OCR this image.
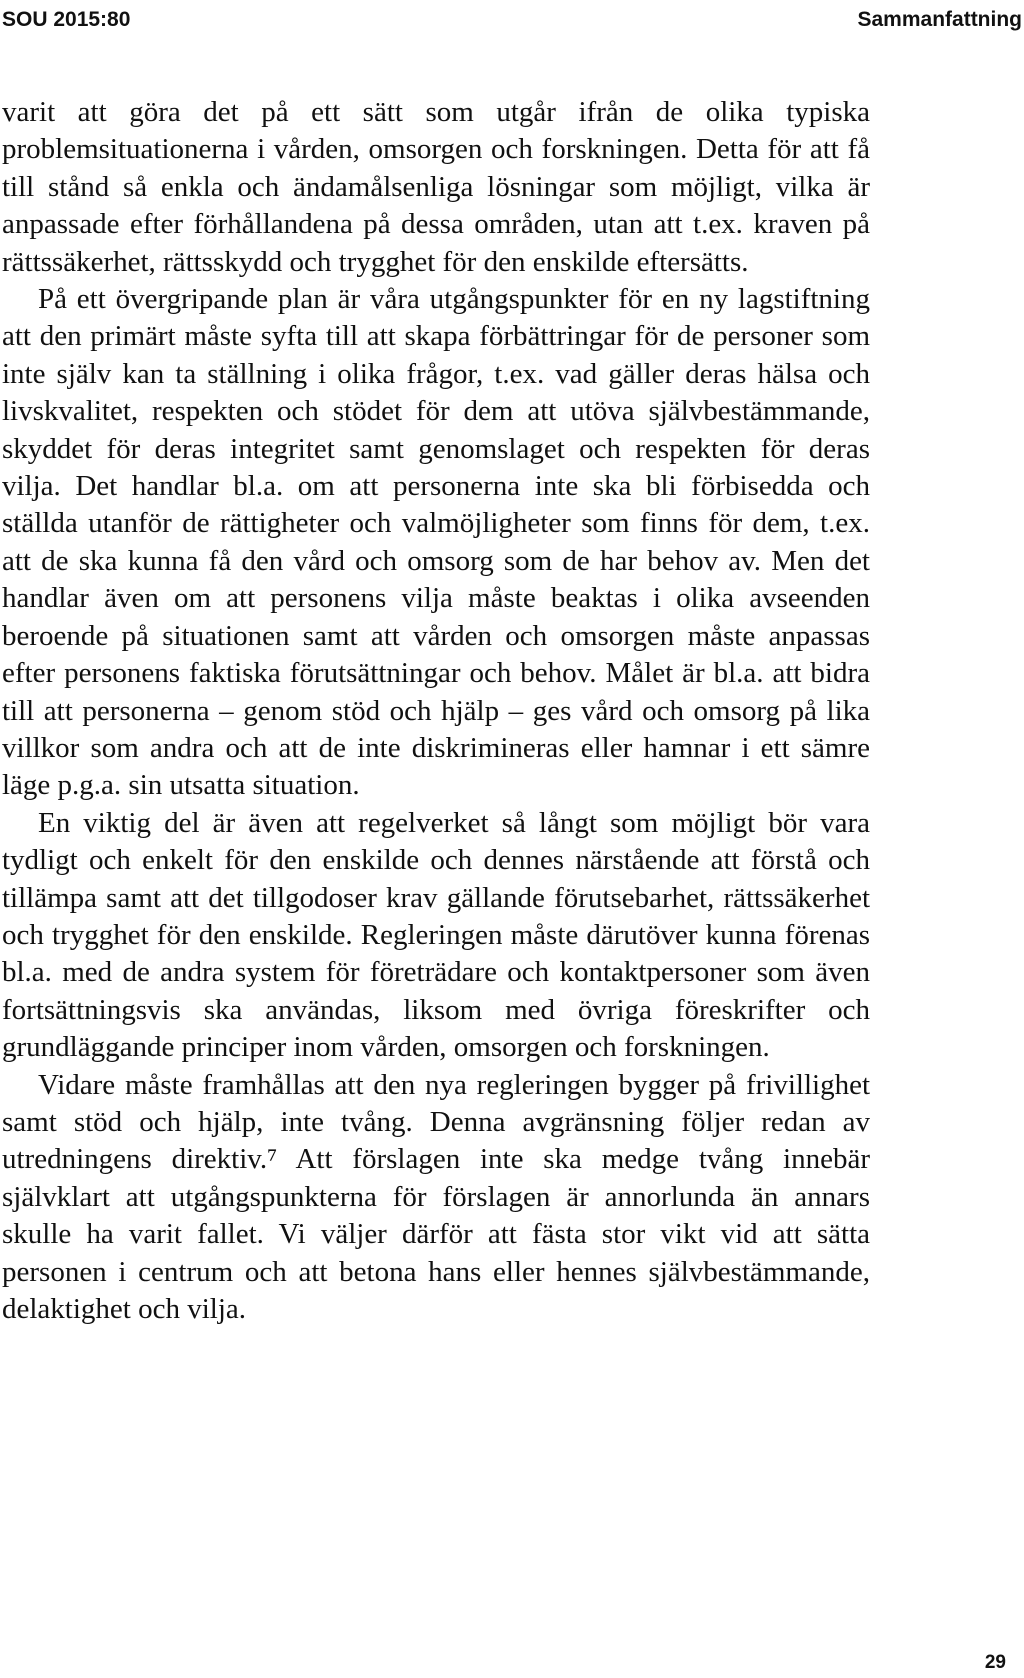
SOU 2015:80	Sammanfattning

varit att göra det på ett sätt som utgår ifrån de olika typiska problemsituationerna i vården, omsorgen och forskningen. Detta för att få till stånd så enkla och ändamålsenliga lösningar som möjligt, vilka är anpassade efter förhållandena på dessa områden, utan att t.ex. kraven på rättssäkerhet, rättsskydd och trygghet för den enskilde eftersätts.

På ett övergripande plan är våra utgångspunkter för en ny lagstiftning att den primärt måste syfta till att skapa förbättringar för de personer som inte själv kan ta ställning i olika frågor, t.ex. vad gäller deras hälsa och livskvalitet, respekten och stödet för dem att utöva självbestämmande, skyddet för deras integritet samt genomslaget och respekten för deras vilja. Det handlar bl.a. om att personerna inte ska bli förbisedda och ställda utanför de rättigheter och valmöjligheter som finns för dem, t.ex. att de ska kunna få den vård och omsorg som de har behov av. Men det handlar även om att personens vilja måste beaktas i olika avseenden beroende på situationen samt att vården och omsorgen måste anpassas efter personens faktiska förutsättningar och behov. Målet är bl.a. att bidra till att personerna – genom stöd och hjälp – ges vård och omsorg på lika villkor som andra och att de inte diskrimineras eller hamnar i ett sämre läge p.g.a. sin utsatta situation.

En viktig del är även att regelverket så långt som möjligt bör vara tydligt och enkelt för den enskilde och dennes närstående att förstå och tillämpa samt att det tillgodoser krav gällande förutsebarhet, rättssäkerhet och trygghet för den enskilde. Regleringen måste därutöver kunna förenas bl.a. med de andra system för företrädare och kontaktpersoner som även fortsättningsvis ska användas, liksom med övriga föreskrifter och grundläggande principer inom vården, omsorgen och forskningen.

Vidare måste framhållas att den nya regleringen bygger på frivillighet samt stöd och hjälp, inte tvång. Denna avgränsning följer redan av utredningens direktiv.⁷ Att förslagen inte ska medge tvång innebär självklart att utgångspunkterna för förslagen är annorlunda än annars skulle ha varit fallet. Vi väljer därför att fästa stor vikt vid att sätta personen i centrum och att betona hans eller hennes självbestämmande, delaktighet och vilja.

29
